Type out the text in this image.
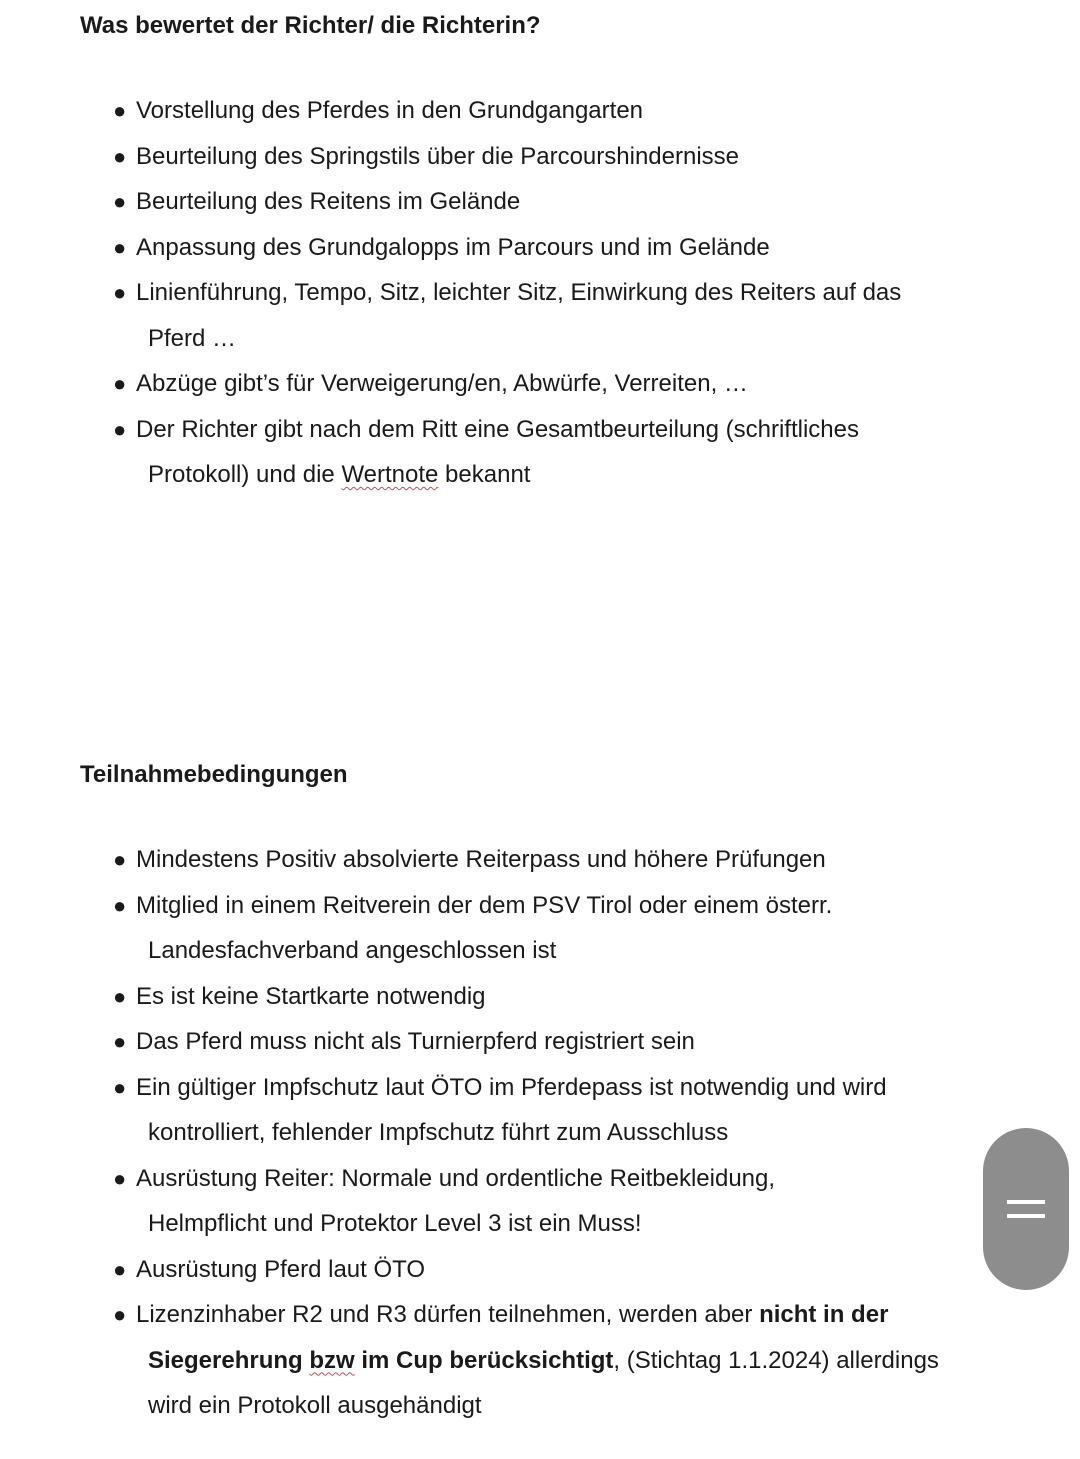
Was bewertet der Richter/ die Richterin?
● Vorstellung des Pferdes in den Grundgangarten
● Beurteilung des Springstils über die Parcourshindernisse
● Beurteilung des Reitens im Gelände
● Anpassung des Grundgalopps im Parcours und im Gelände
● Linienführung, Tempo, Sitz, leichter Sitz, Einwirkung des Reiters auf das
Pferd …
● Abzüge gibt’s für Verweigerung/en, Abwürfe, Verreiten, …
● Der Richter gibt nach dem Ritt eine Gesamtbeurteilung (schriftliches
Protokoll) und die Wertnote bekannt
Teilnahmebedingungen
● Mindestens Positiv absolvierte Reiterpass und höhere Prüfungen
● Mitglied in einem Reitverein der dem PSV Tirol oder einem österr.
Landesfachverband angeschlossen ist
● Es ist keine Startkarte notwendig
● Das Pferd muss nicht als Turnierpferd registriert sein
● Ein gültiger Impfschutz laut ÖTO im Pferdepass ist notwendig und wird
kontrolliert, fehlender Impfschutz führt zum Ausschluss
● Ausrüstung Reiter: Normale und ordentliche Reitbekleidung,
Helmpflicht und Protektor Level 3 ist ein Muss!
● Ausrüstung Pferd laut ÖTO
● Lizenzinhaber R2 und R3 dürfen teilnehmen, werden aber nicht in der
Siegerehrung bzw im Cup berücksichtigt, (Stichtag 1.1.2024) allerdings
wird ein Protokoll ausgehändigt
